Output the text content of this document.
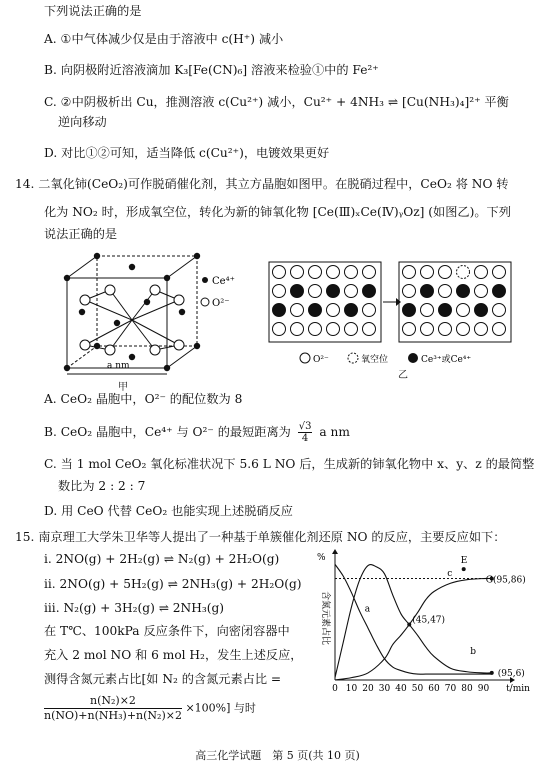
下列说法正确的是
A. ①中气体减少仅是由于溶液中 c(H⁺) 减小
B. 向阴极附近溶液滴加 K₃[Fe(CN)₆] 溶液来检验①中的 Fe²⁺
C. ②中阴极析出 Cu，推测溶液 c(Cu²⁺) 减小，Cu²⁺ + 4NH₃ ⇌ [Cu(NH₃)₄]²⁺ 平衡
逆向移动
D. 对比①②可知，适当降低 c(Cu²⁺)，电镀效果更好
14. 二氧化铈(CeO₂)可作脱硝催化剂，其立方晶胞如图甲。在脱硝过程中，CeO₂ 将 NO 转
化为 NO₂ 时，形成氧空位，转化为新的铈氧化物 [Ce(Ⅲ)ₓCe(Ⅳ)ᵧOz] (如图乙)。下列
说法正确的是
Ce⁴⁺
O²⁻
a nm
甲
O²⁻	氧空位	Ce³⁺或Ce⁴⁺
乙
A. CeO₂ 晶胞中，O²⁻ 的配位数为 8
B. CeO₂ 晶胞中，Ce⁴⁺ 与 O²⁻ 的最短距离为 $\frac{√3}{4}$ a nm
C. 当 1 mol CeO₂ 氧化标准状况下 5.6 L NO 后，生成新的铈氧化物中 x、y、z 的最简整
数比为 2 : 2 : 7
D. 用 CeO 代替 CeO₂ 也能实现上述脱硝反应
15. 南京理工大学朱卫华等人提出了一种基于单簇催化剂还原 NO 的反应，主要反应如下：
i. 2NO(g) + 2H₂(g) ⇌ N₂(g) + 2H₂O(g)
ii. 2NO(g) + 5H₂(g) ⇌ 2NH₃(g) + 2H₂O(g)
iii. N₂(g) + 3H₂(g) ⇌ 2NH₃(g)
在 T℃、100kPa 反应条件下，向密闭容器中
充入 2 mol NO 和 6 mol H₂，发生上述反应，
测得含氮元素占比[如 N₂ 的含氮元素占比 =
$\frac{\text{n(N₂)×2}}{\text{n(NO)+n(NH₃)+n(N₂)×2}} \times 100\%$] 与时
0 10 20 30 40 50 60 70 80 90 t/min
%
含氮元素占比	a
b
c
E
(45,47)
G(95,86)
(95,6)
高三化学试题　第 5 页(共 10 页)
